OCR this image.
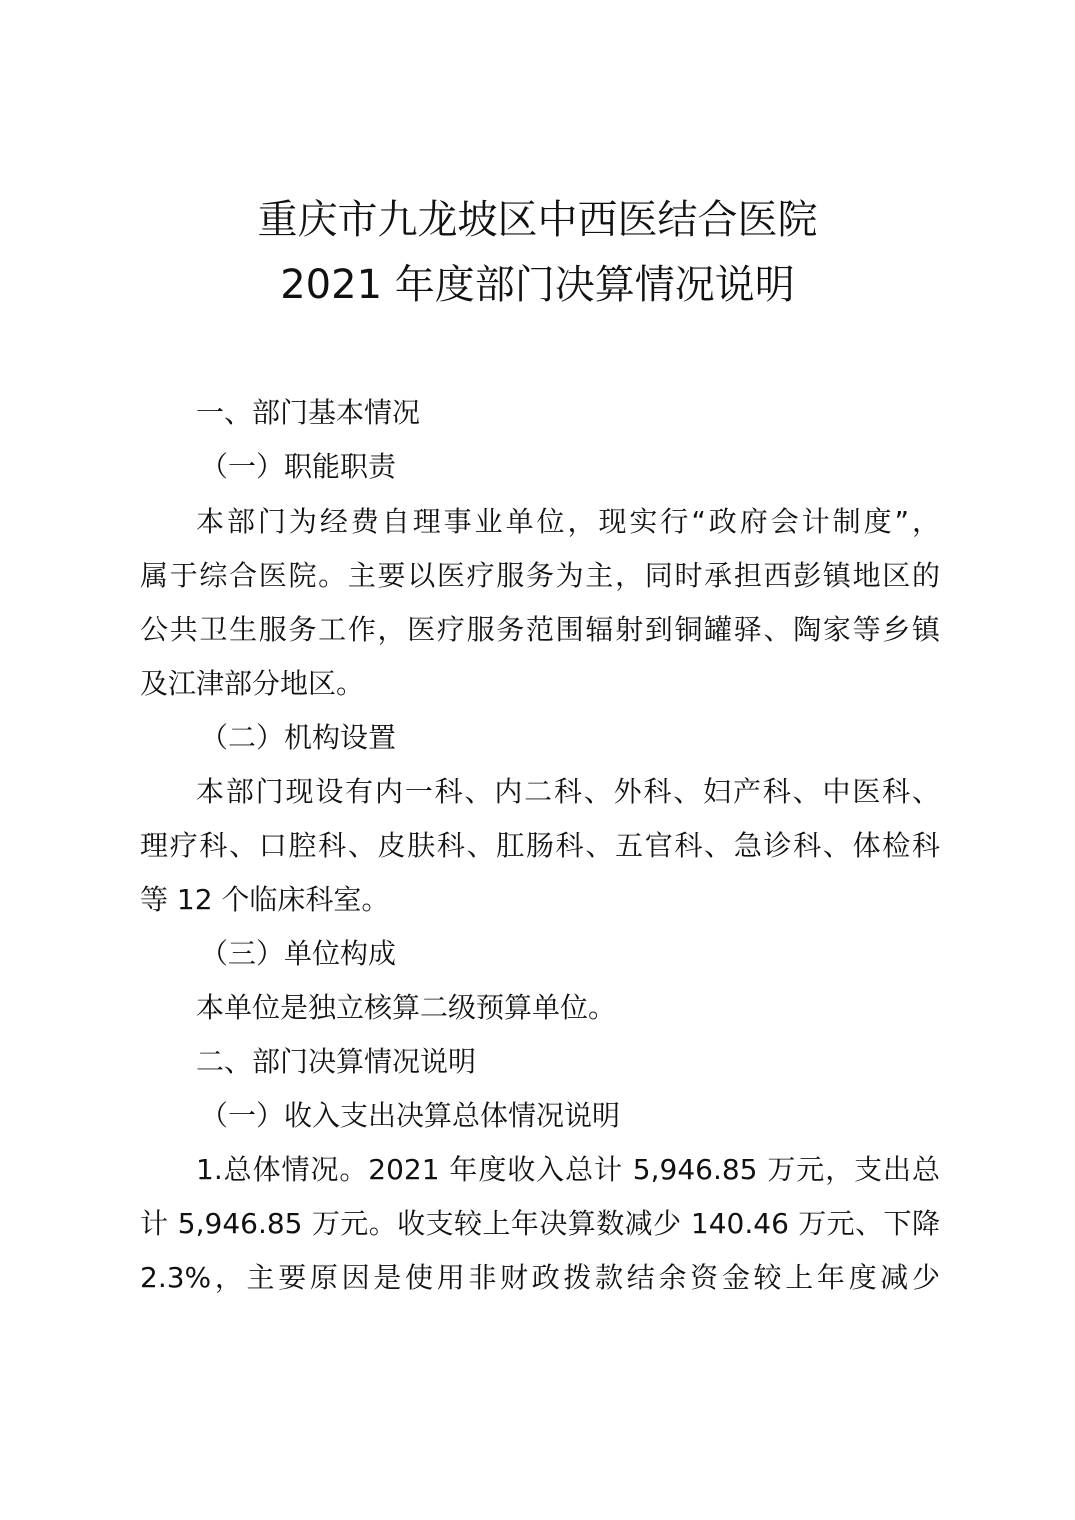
重庆市九龙坡区中西医结合医院
2021 年度部门决算情况说明
一、部门基本情况
（一）职能职责
本部门为经费自理事业单位，现实行“政府会计制度”，
属于综合医院。主要以医疗服务为主，同时承担西彭镇地区的
公共卫生服务工作，医疗服务范围辐射到铜罐驿、陶家等乡镇
及江津部分地区。
（二）机构设置
本部门现设有内一科、内二科、外科、妇产科、中医科、
理疗科、口腔科、皮肤科、肛肠科、五官科、急诊科、体检科
等 12 个临床科室。
（三）单位构成
本单位是独立核算二级预算单位。
二、部门决算情况说明
（一）收入支出决算总体情况说明
1.总体情况。2021 年度收入总计 5,946.85 万元，支出总
计 5,946.85 万元。收支较上年决算数减少 140.46 万元、下降
2.3%，主要原因是使用非财政拨款结余资金较上年度减少
